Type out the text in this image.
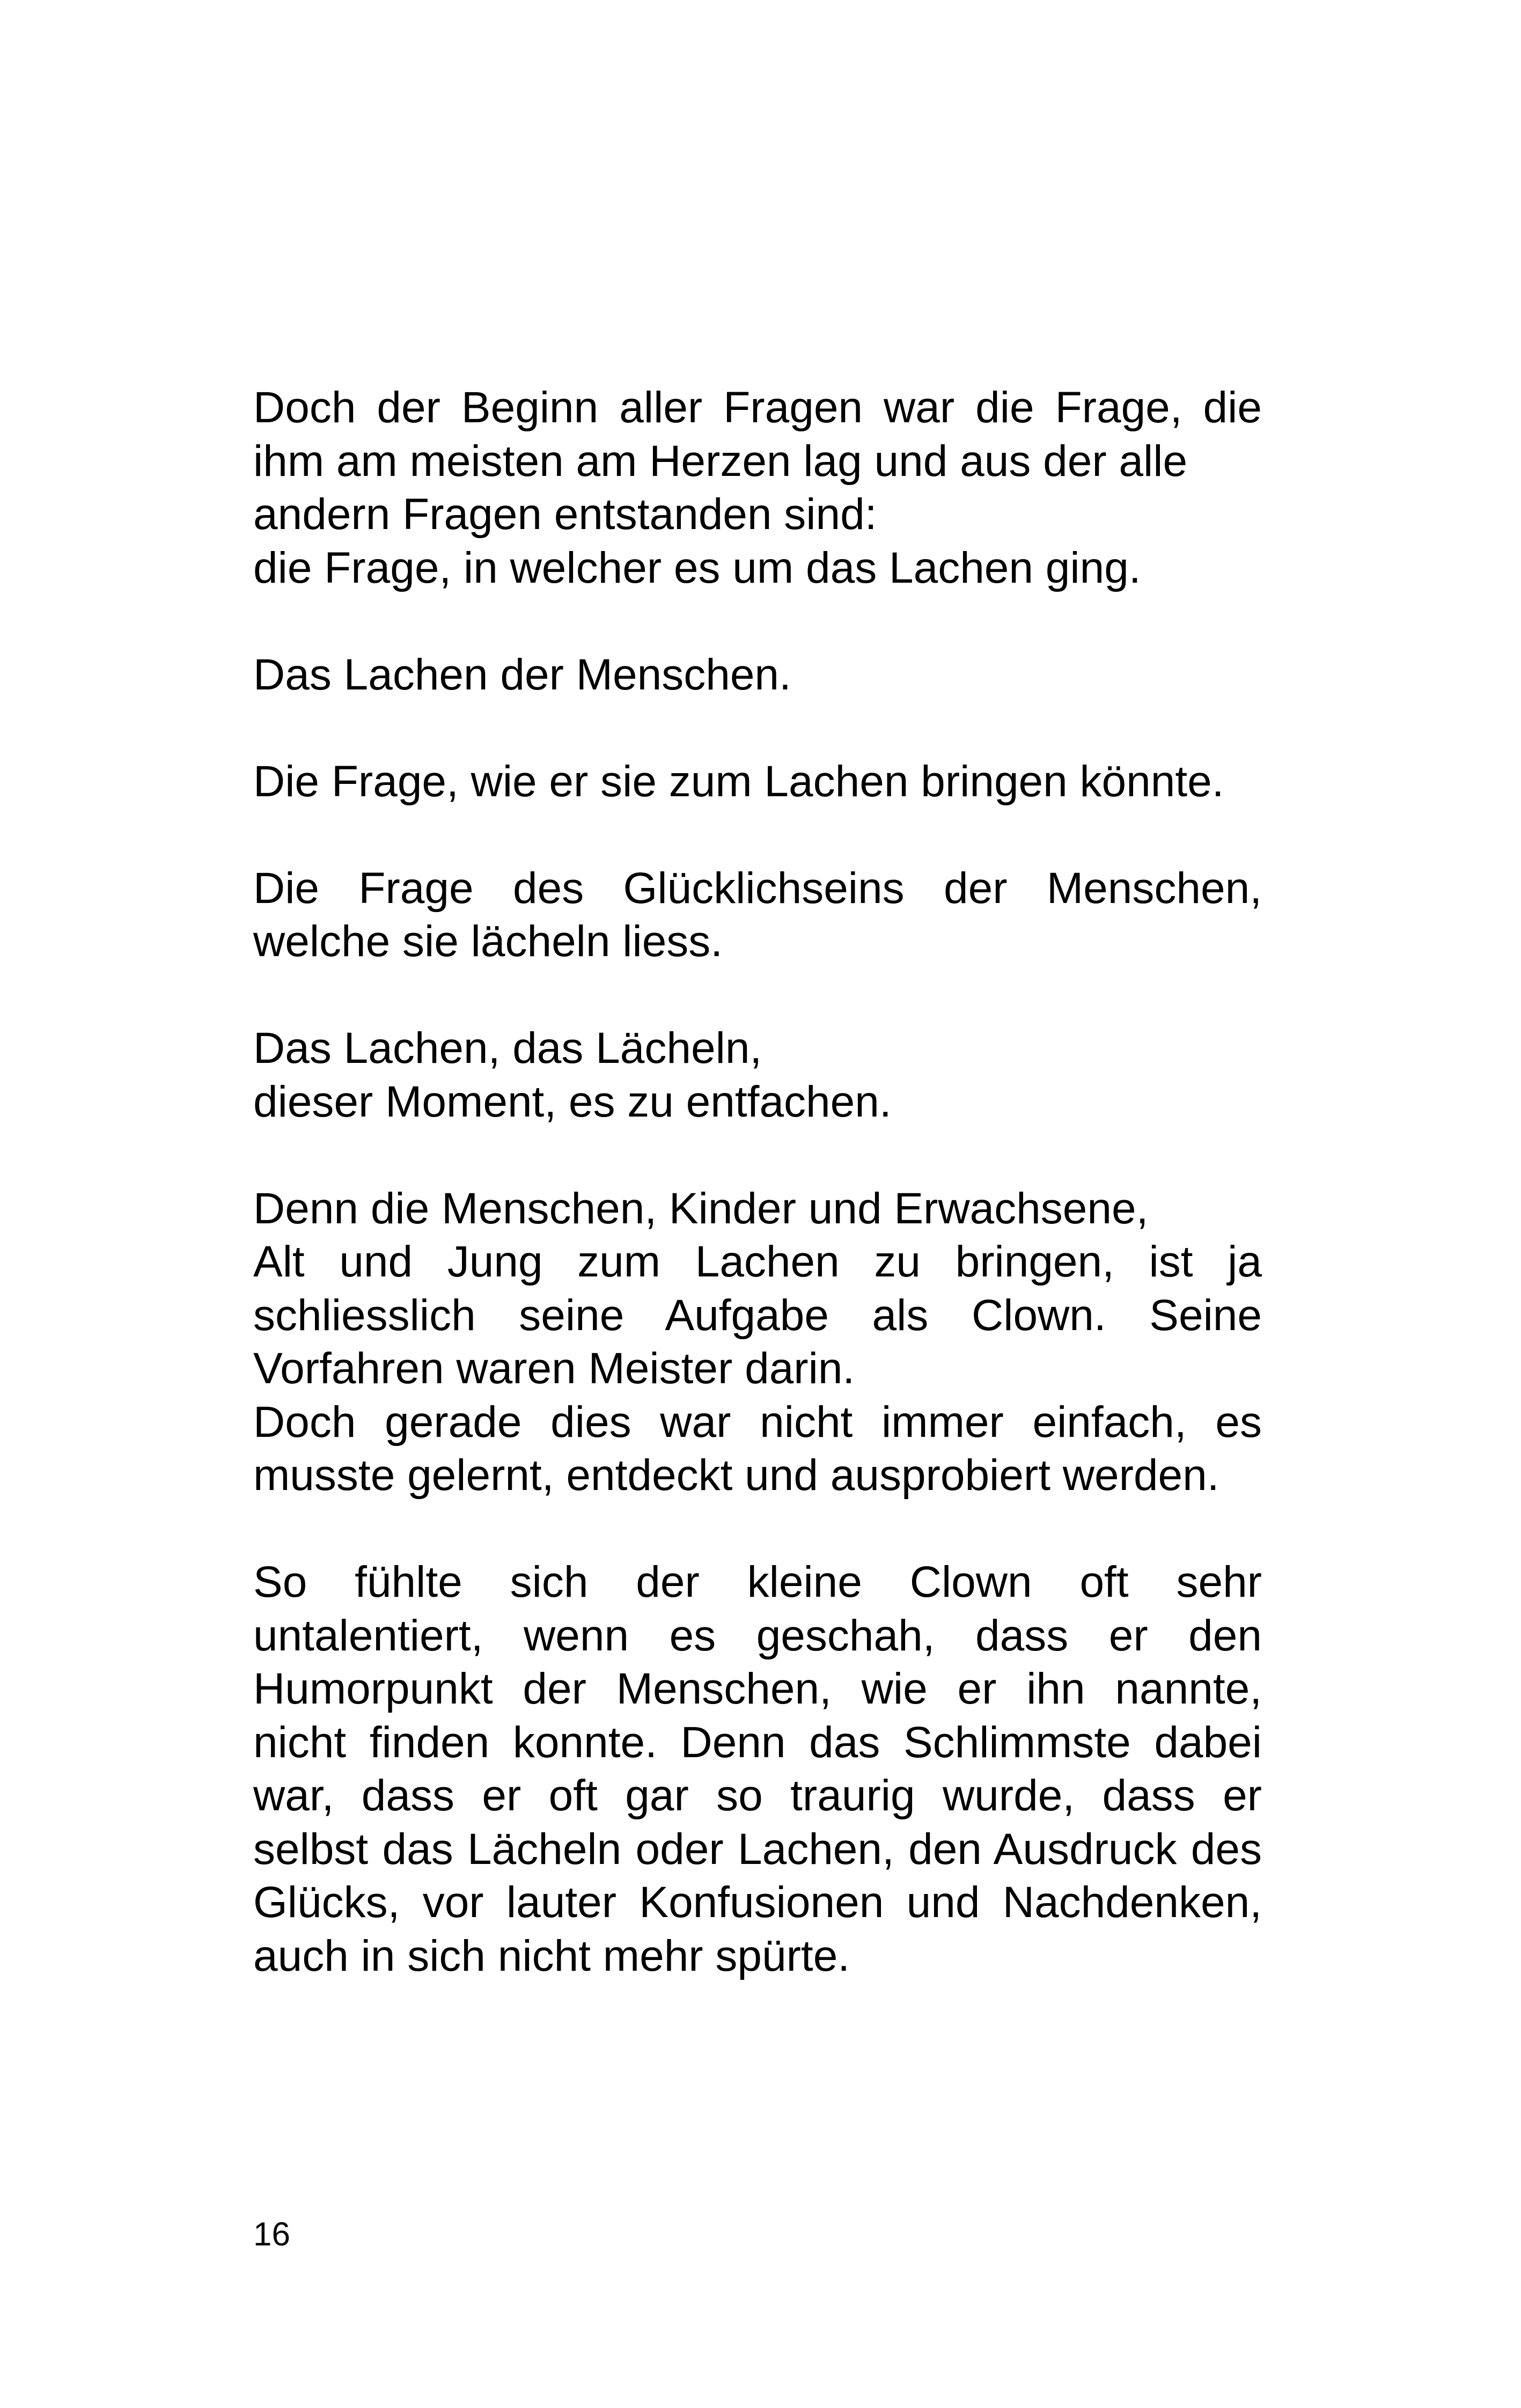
Doch der Beginn aller Fragen war die Frage, die
ihm am meisten am Herzen lag und aus der alle
andern Fragen entstanden sind:
die Frage, in welcher es um das Lachen ging.
Das Lachen der Menschen.
Die Frage, wie er sie zum Lachen bringen könnte.
Die Frage des Glücklichseins der Menschen,
welche sie lächeln liess.
Das Lachen, das Lächeln,
dieser Moment, es zu entfachen.
Denn die Menschen, Kinder und Erwachsene,
Alt und Jung zum Lachen zu bringen, ist ja
schliesslich seine Aufgabe als Clown. Seine
Vorfahren waren Meister darin.
Doch gerade dies war nicht immer einfach, es
musste gelernt, entdeckt und ausprobiert werden.
So fühlte sich der kleine Clown oft sehr
untalentiert, wenn es geschah, dass er den
Humorpunkt der Menschen, wie er ihn nannte,
nicht finden konnte. Denn das Schlimmste dabei
war, dass er oft gar so traurig wurde, dass er
selbst das Lächeln oder Lachen, den Ausdruck des
Glücks, vor lauter Konfusionen und Nachdenken,
auch in sich nicht mehr spürte.
16
